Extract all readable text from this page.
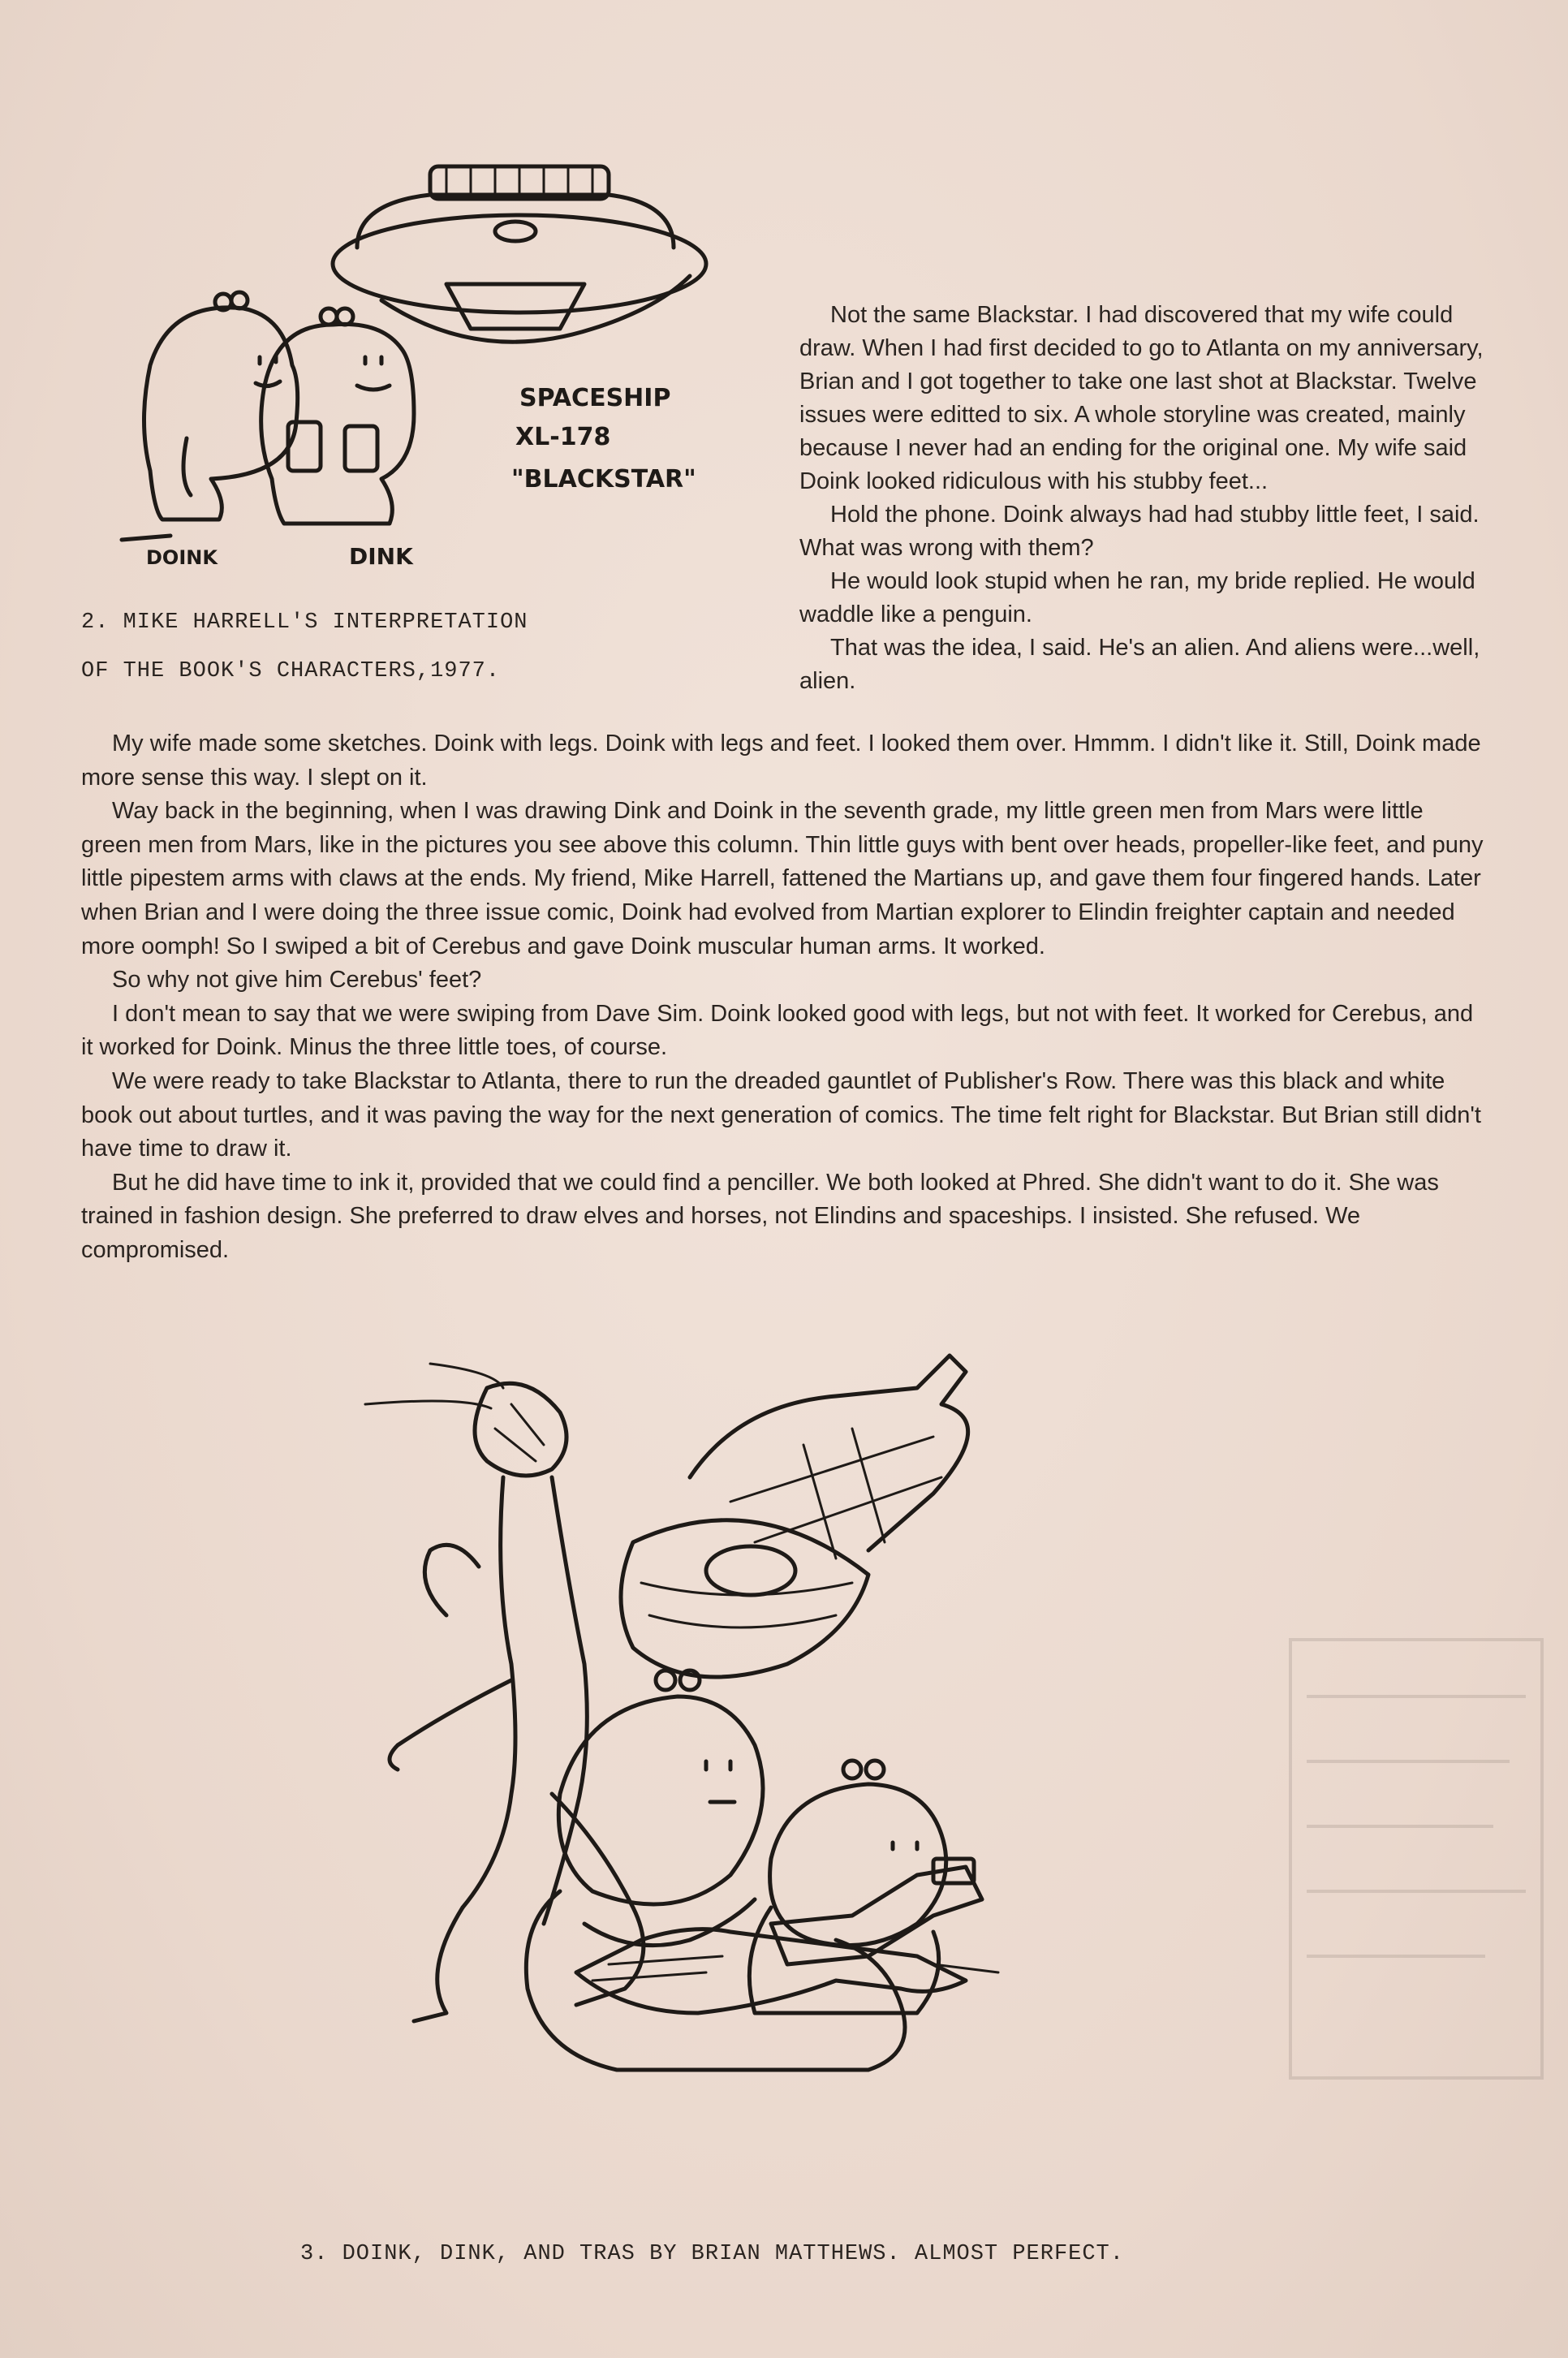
SPACESHIP
XL-178
"BLACKSTAR"
DOINK	DINK
2. MIKE HARRELL'S INTERPRETATION
OF THE BOOK'S CHARACTERS,1977.

Not the same Blackstar. I had discovered that my wife could draw. When I had first decided to go to Atlanta on my anniversary, Brian and I got together to take one last shot at Blackstar. Twelve issues were editted to six. A whole storyline was created, mainly because I never had an ending for the original one. My wife said Doink looked ridiculous with his stubby feet...

Hold the phone. Doink always had had stubby little feet, I said. What was wrong with them?

He would look stupid when he ran, my bride replied. He would waddle like a penguin.

That was the idea, I said. He's an alien. And aliens were...well, alien.

My wife made some sketches. Doink with legs. Doink with legs and feet. I looked them over. Hmmm. I didn't like it. Still, Doink made more sense this way. I slept on it.

Way back in the beginning, when I was drawing Dink and Doink in the seventh grade, my little green men from Mars were little green men from Mars, like in the pictures you see above this column. Thin little guys with bent over heads, propeller-like feet, and puny little pipestem arms with claws at the ends. My friend, Mike Harrell, fattened the Martians up, and gave them four fingered hands. Later when Brian and I were doing the three issue comic, Doink had evolved from Martian explorer to Elindin freighter captain and needed more oomph! So I swiped a bit of Cerebus and gave Doink muscular human arms. It worked.

So why not give him Cerebus' feet?

I don't mean to say that we were swiping from Dave Sim. Doink looked good with legs, but not with feet. It worked for Cerebus, and it worked for Doink. Minus the three little toes, of course.

We were ready to take Blackstar to Atlanta, there to run the dreaded gauntlet of Publisher's Row. There was this black and white book out about turtles, and it was paving the way for the next generation of comics. The time felt right for Blackstar. But Brian still didn't have time to draw it.

But he did have time to ink it, provided that we could find a penciller. We both looked at Phred. She didn't want to do it. She was trained in fashion design. She preferred to draw elves and horses, not Elindins and spaceships. I insisted. She refused. We compromised.

3. DOINK, DINK, AND TRAS BY BRIAN MATTHEWS. ALMOST PERFECT.
